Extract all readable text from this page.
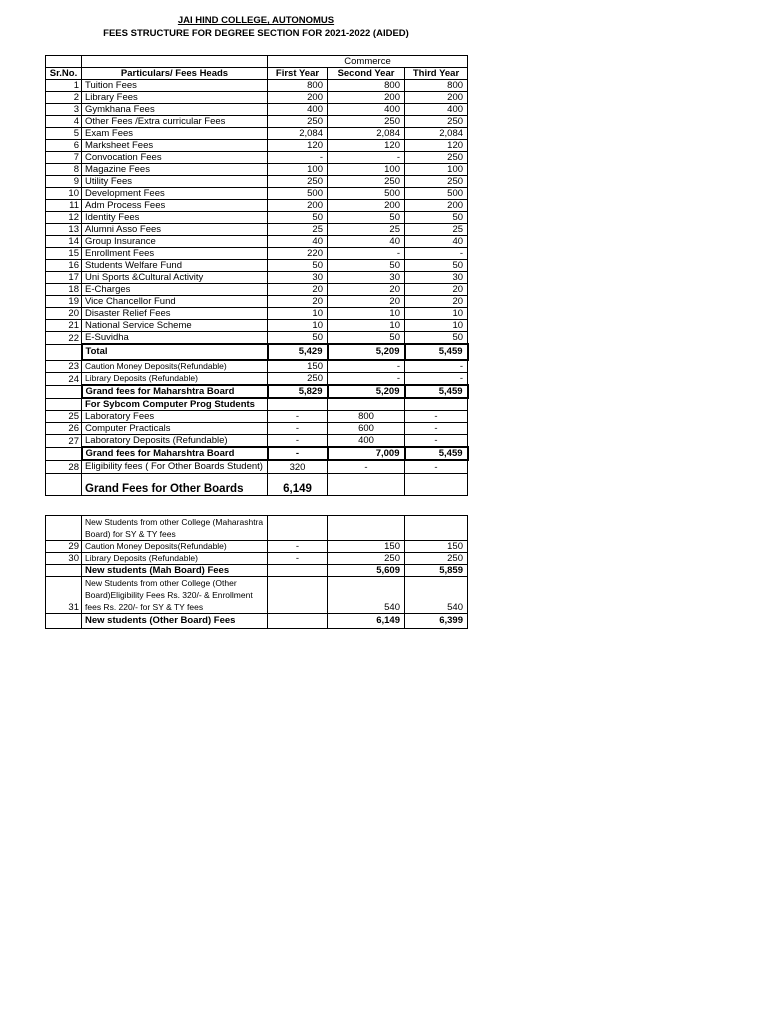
JAI HIND COLLEGE, AUTONOMUS
FEES STRUCTURE FOR DEGREE SECTION FOR 2021-2022 (AIDED)
		Commerce		
Sr.No.	Particulars/ Fees Heads	First Year	Second Year	Third Year
1	Tuition Fees	800	800	800
2	Library Fees	200	200	200
3	Gymkhana Fees	400	400	400
4	Other Fees /Extra curricular Fees	250	250	250
5	Exam Fees	2,084	2,084	2,084
6	Marksheet Fees	120	120	120
7	Convocation Fees	-	-	250
8	Magazine Fees	100	100	100
9	Utility Fees	250	250	250
10	Development Fees	500	500	500
11	Adm Process Fees	200	200	200
12	Identity Fees	50	50	50
13	Alumni Asso Fees	25	25	25
14	Group Insurance	40	40	40
15	Enrollment Fees	220	-	-
16	Students Welfare Fund	50	50	50
17	Uni Sports &Cultural Activity	30	30	30
18	E-Charges	20	20	20
19	Vice Chancellor Fund	20	20	20
20	Disaster Relief Fees	10	10	10
21	National Service Scheme	10	10	10
22	E-Suvidha	50	50	50
	Total	5,429	5,209	5,459
23	Caution Money Deposits(Refundable)	150	-	-
24	Library Deposits (Refundable)	250	-	-
	Grand fees for Maharshtra Board	5,829	5,209	5,459
	For Sybcom Computer Prog Students			
25	Laboratory Fees	-	800	-
26	Computer Practicals	-	600	-
27	Laboratory Deposits (Refundable)	-	400	-
	Grand fees for Maharshtra Board	-	7,009	5,459
28	Eligibility fees ( For Other Boards Student)	320	-	-
	Grand Fees for Other Boards	6,149		
	New Students from other College (Maharashtra Board) for SY & TY fees			
29	Caution Money Deposits(Refundable)	-	150	150
30	Library Deposits (Refundable)	-	250	250
	New students (Mah Board) Fees		5,609	5,859
31	New Students from other College (Other Board)Eligibility Fees Rs. 320/- & Enrollment fees Rs. 220/- for SY & TY fees		540	540
	New students (Other Board) Fees		6,149	6,399
